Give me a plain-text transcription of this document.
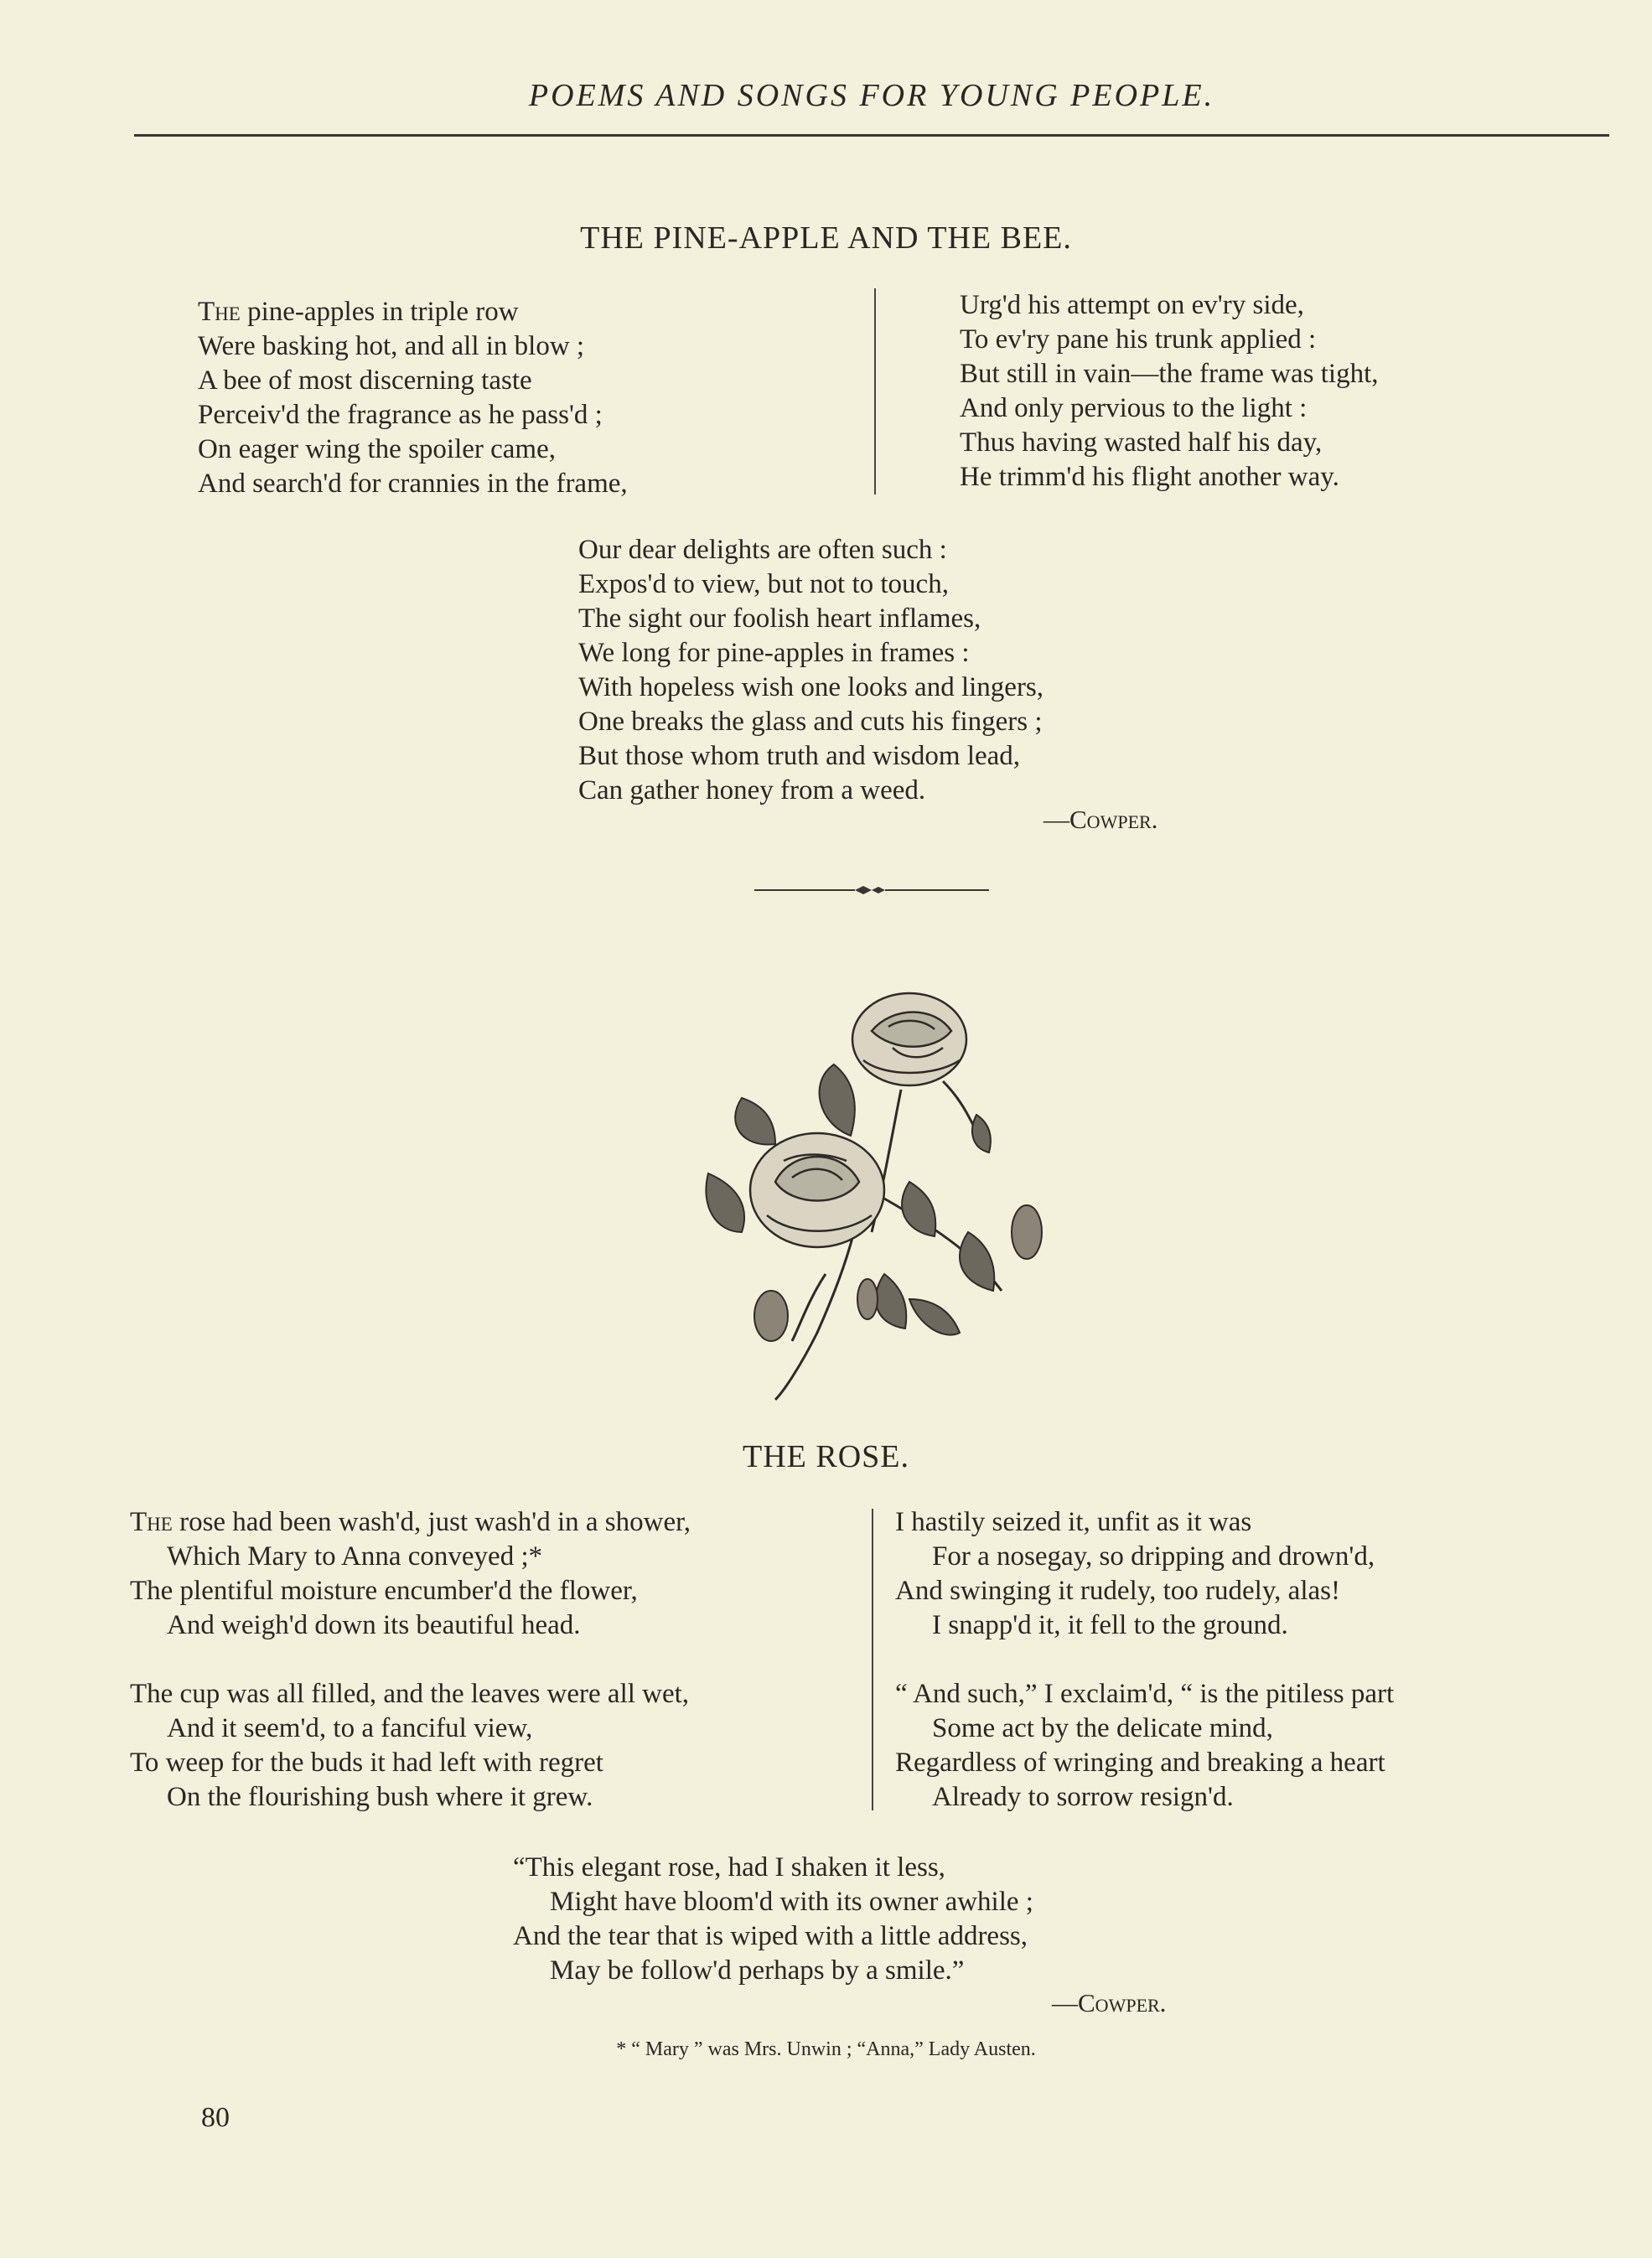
POEMS AND SONGS FOR YOUNG PEOPLE.
THE PINE-APPLE AND THE BEE.
The pine-apples in triple row
Were basking hot, and all in blow ;
A bee of most discerning taste
Perceiv'd the fragrance as he pass'd ;
On eager wing the spoiler came,
And search'd for crannies in the frame,
Urg'd his attempt on ev'ry side,
To ev'ry pane his trunk applied :
But still in vain—the frame was tight,
And only pervious to the light :
Thus having wasted half his day,
He trimm'd his flight another way.
Our dear delights are often such :
Expos'd to view, but not to touch,
The sight our foolish heart inflames,
We long for pine-apples in frames :
With hopeless wish one looks and lingers,
One breaks the glass and cuts his fingers ;
But those whom truth and wisdom lead,
Can gather honey from a weed.
—Cowper.
THE ROSE.
The rose had been wash'd, just wash'd in a shower,
Which Mary to Anna conveyed ;*
The plentiful moisture encumber'd the flower,
And weigh'd down its beautiful head.
The cup was all filled, and the leaves were all wet,
And it seem'd, to a fanciful view,
To weep for the buds it had left with regret
On the flourishing bush where it grew.
I hastily seized it, unfit as it was
For a nosegay, so dripping and drown'd,
And swinging it rudely, too rudely, alas!
I snapp'd it, it fell to the ground.
“ And such,” I exclaim'd, “ is the pitiless part
Some act by the delicate mind,
Regardless of wringing and breaking a heart
Already to sorrow resign'd.
“This elegant rose, had I shaken it less,
Might have bloom'd with its owner awhile ;
And the tear that is wiped with a little address,
May be follow'd perhaps by a smile.”
—Cowper.
* “ Mary ” was Mrs. Unwin ; “Anna,” Lady Austen.
80
